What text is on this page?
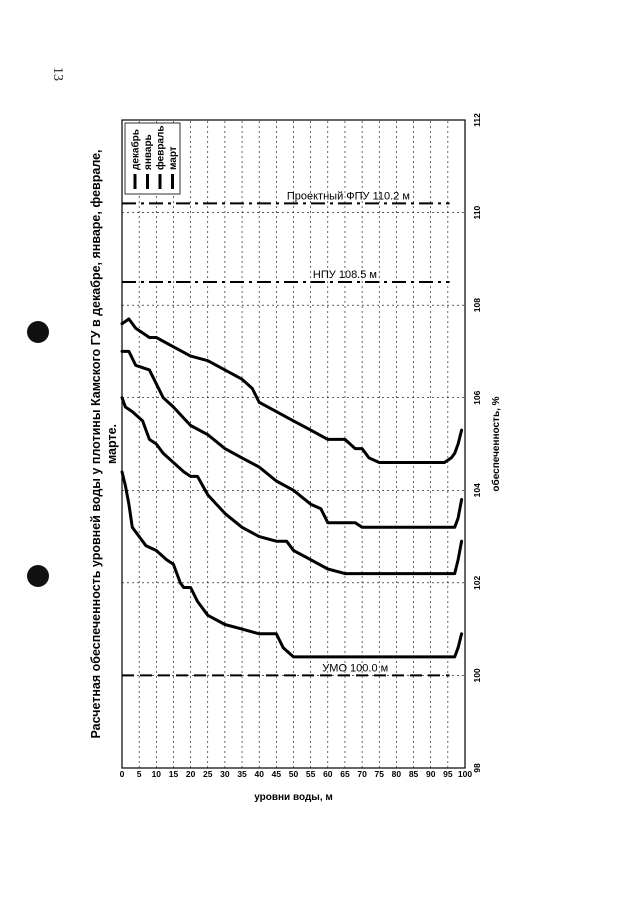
13
Проектный ФПУ 110.2 м
НПУ 108.5 м
УМО 100.0 м
0 5 10 15 20 25 30 35 40 45 50 55 60 65 70 75 80 85 90 95 100
112
110
108
106
104
102
100
98
декабрь январь февраль март
Расчетная обеспеченность уровней воды у плотины Камского ГУ в декабре, январе, феврале, марте.	обеспеченность, %
уровни воды, м
